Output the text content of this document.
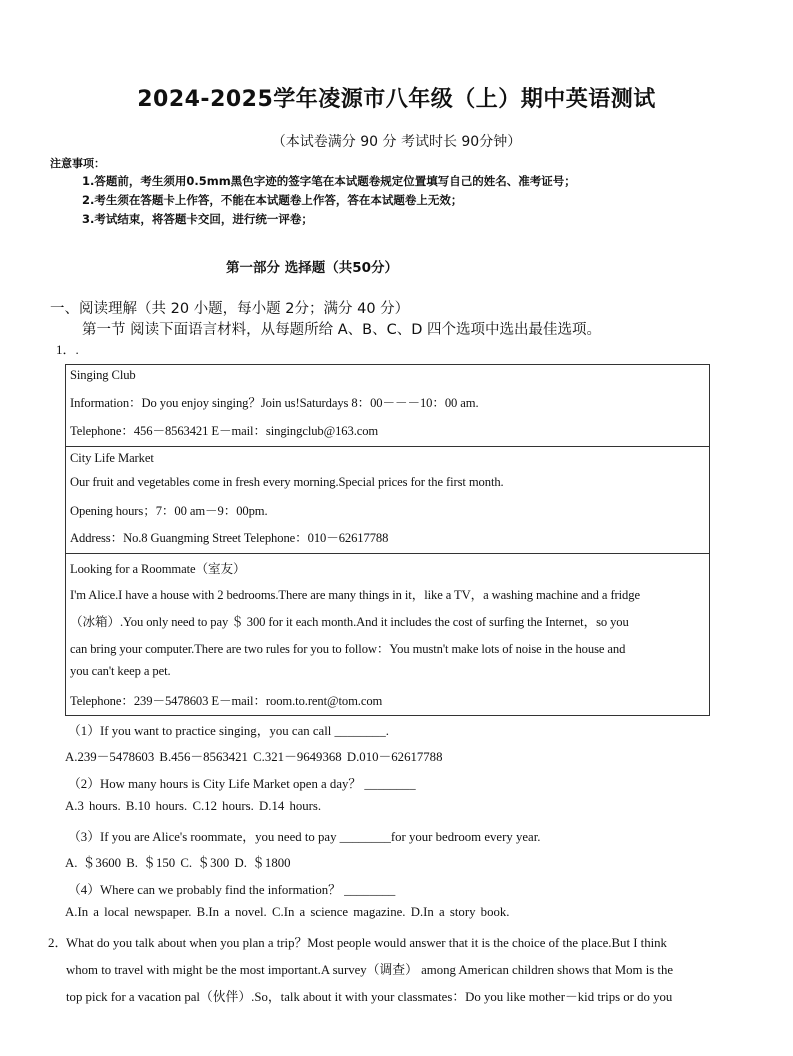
2024-2025学年凌源市八年级（上）期中英语测试
（本试卷满分 90 分 考试时长 90分钟）
注意事项：
1.答题前，考生须用0.5mm黑色字迹的签字笔在本试题卷规定位置填写自己的姓名、准考证号；
2.考生须在答题卡上作答，不能在本试题卷上作答，答在本试题卷上无效；
3.考试结束，将答题卡交回，进行统一评卷；
第一部分 选择题（共50分）
一、阅读理解（共 20 小题，每小题 2分；满分 40 分）
第一节 阅读下面语言材料，从每题所给 A、B、C、D 四个选项中选出最佳选项。
1．.
Singing Club
Information：Do you enjoy singing？Join us!Saturdays 8：00－－－10：00 am.
Telephone：456－8563421 E－mail：singingclub@163.com
City Life Market
Our fruit and vegetables come in fresh every morning.Special prices for the first month.
Opening hours；7：00 am－9：00pm.
Address：No.8 Guangming Street Telephone：010－62617788
Looking for a Roommate（室友）
I'm Alice.I have a house with 2 bedrooms.There are many things in it，like a TV，a washing machine and a fridge
（冰箱）.You only need to pay ＄ 300 for it each month.And it includes the cost of surfing the Internet，so you
can bring your computer.There are two rules for you to follow：You mustn't make lots of noise in the house and
you can't keep a pet.
Telephone：239－5478603 E－mail：room.to.rent@tom.com
（1）If you want to practice singing，you can call ________.
A.239－5478603 B.456－8563421 C.321－9649368 D.010－62617788
（2）How many hours is City Life Market open a day？ ________
A.3 hours. B.10 hours. C.12 hours. D.14 hours.
（3）If you are Alice's roommate，you need to pay ________for your bedroom every year.
A. ＄3600 B. ＄150 C. ＄300 D. ＄1800
（4）Where can we probably find the information？ ________
A.In a local newspaper. B.In a novel. C.In a science magazine. D.In a story book.
2．
What do you talk about when you plan a trip？Most people would answer that it is the choice of the place.But I think
whom to travel with might be the most important.A survey（调查） among American children shows that Mom is the
top pick for a vacation pal（伙伴）.So，talk about it with your classmates：Do you like mother－kid trips or do you
